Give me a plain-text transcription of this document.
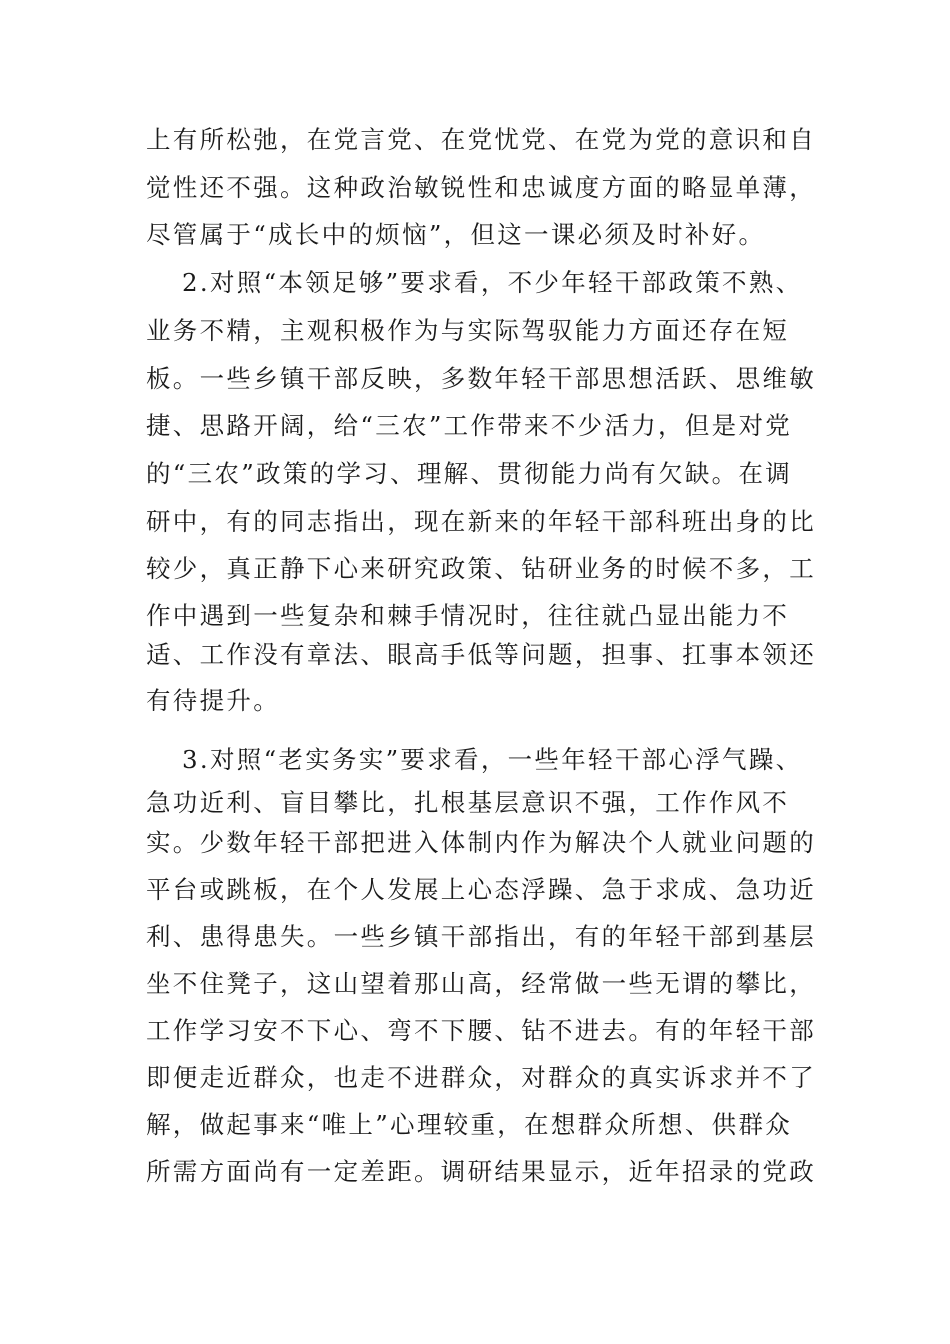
上有所松弛，在党言党、在党忧党、在党为党的意识和自
觉性还不强。这种政治敏锐性和忠诚度方面的略显单薄，
尽管属于“成长中的烦恼”，但这一课必须及时补好。
2.对照“本领足够”要求看，不少年轻干部政策不熟、
业务不精，主观积极作为与实际驾驭能力方面还存在短
板。一些乡镇干部反映，多数年轻干部思想活跃、思维敏
捷、思路开阔，给“三农”工作带来不少活力，但是对党
的“三农”政策的学习、理解、贯彻能力尚有欠缺。在调
研中，有的同志指出，现在新来的年轻干部科班出身的比
较少，真正静下心来研究政策、钻研业务的时候不多，工
作中遇到一些复杂和棘手情况时，往往就凸显出能力不
适、工作没有章法、眼高手低等问题，担事、扛事本领还
有待提升。
3.对照“老实务实”要求看，一些年轻干部心浮气躁、
急功近利、盲目攀比，扎根基层意识不强，工作作风不
实。少数年轻干部把进入体制内作为解决个人就业问题的
平台或跳板，在个人发展上心态浮躁、急于求成、急功近
利、患得患失。一些乡镇干部指出，有的年轻干部到基层
坐不住凳子，这山望着那山高，经常做一些无谓的攀比，
工作学习安不下心、弯不下腰、钻不进去。有的年轻干部
即便走近群众，也走不进群众，对群众的真实诉求并不了
解，做起事来“唯上”心理较重，在想群众所想、供群众
所需方面尚有一定差距。调研结果显示，近年招录的党政
